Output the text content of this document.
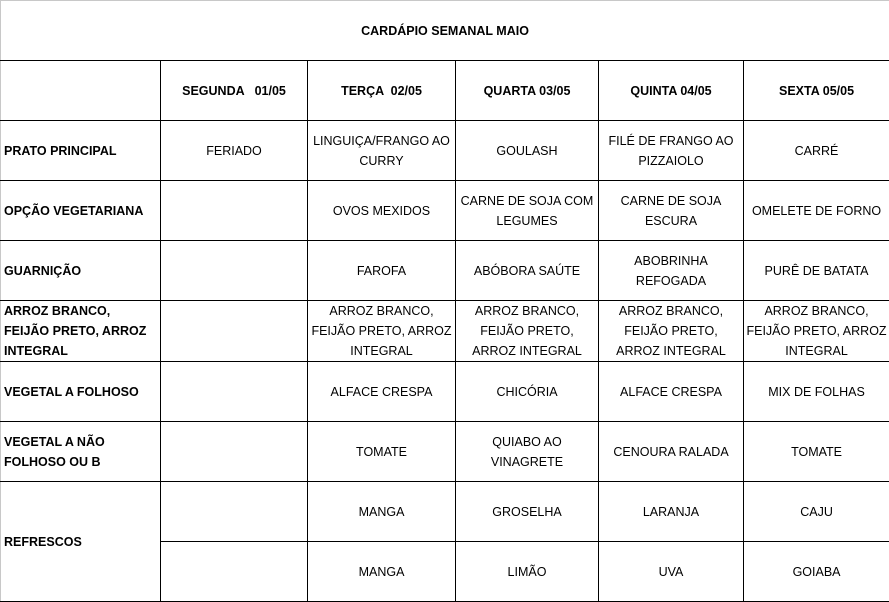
CARDÁPIO SEMANAL MAIO					
	SEGUNDA   01/05	TERÇA  02/05	QUARTA 03/05	QUINTA 04/05	SEXTA 05/05
PRATO PRINCIPAL	FERIADO	LINGUIÇA/FRANGO AO CURRY	GOULASH	FILÉ DE FRANGO AO PIZZAIOLO	CARRÉ
OPÇÃO VEGETARIANA		OVOS MEXIDOS	CARNE DE SOJA COM LEGUMES	CARNE DE SOJA ESCURA	OMELETE DE FORNO
GUARNIÇÃO		FAROFA	ABÓBORA SAÚTE	ABOBRINHA REFOGADA	PURÊ DE BATATA
ARROZ BRANCO, FEIJÃO PRETO, ARROZ INTEGRAL		ARROZ BRANCO, FEIJÃO PRETO, ARROZ INTEGRAL	ARROZ BRANCO, FEIJÃO PRETO, ARROZ INTEGRAL	ARROZ BRANCO, FEIJÃO PRETO, ARROZ INTEGRAL	ARROZ BRANCO, FEIJÃO PRETO, ARROZ INTEGRAL
VEGETAL A FOLHOSO		ALFACE CRESPA	CHICÓRIA	ALFACE CRESPA	MIX DE FOLHAS
VEGETAL A NÃO FOLHOSO OU B		TOMATE	QUIABO AO VINAGRETE	CENOURA RALADA	TOMATE
REFRESCOS		MANGA	GROSELHA	LARANJA	CAJU
		MANGA	LIMÃO	UVA	GOIABA
